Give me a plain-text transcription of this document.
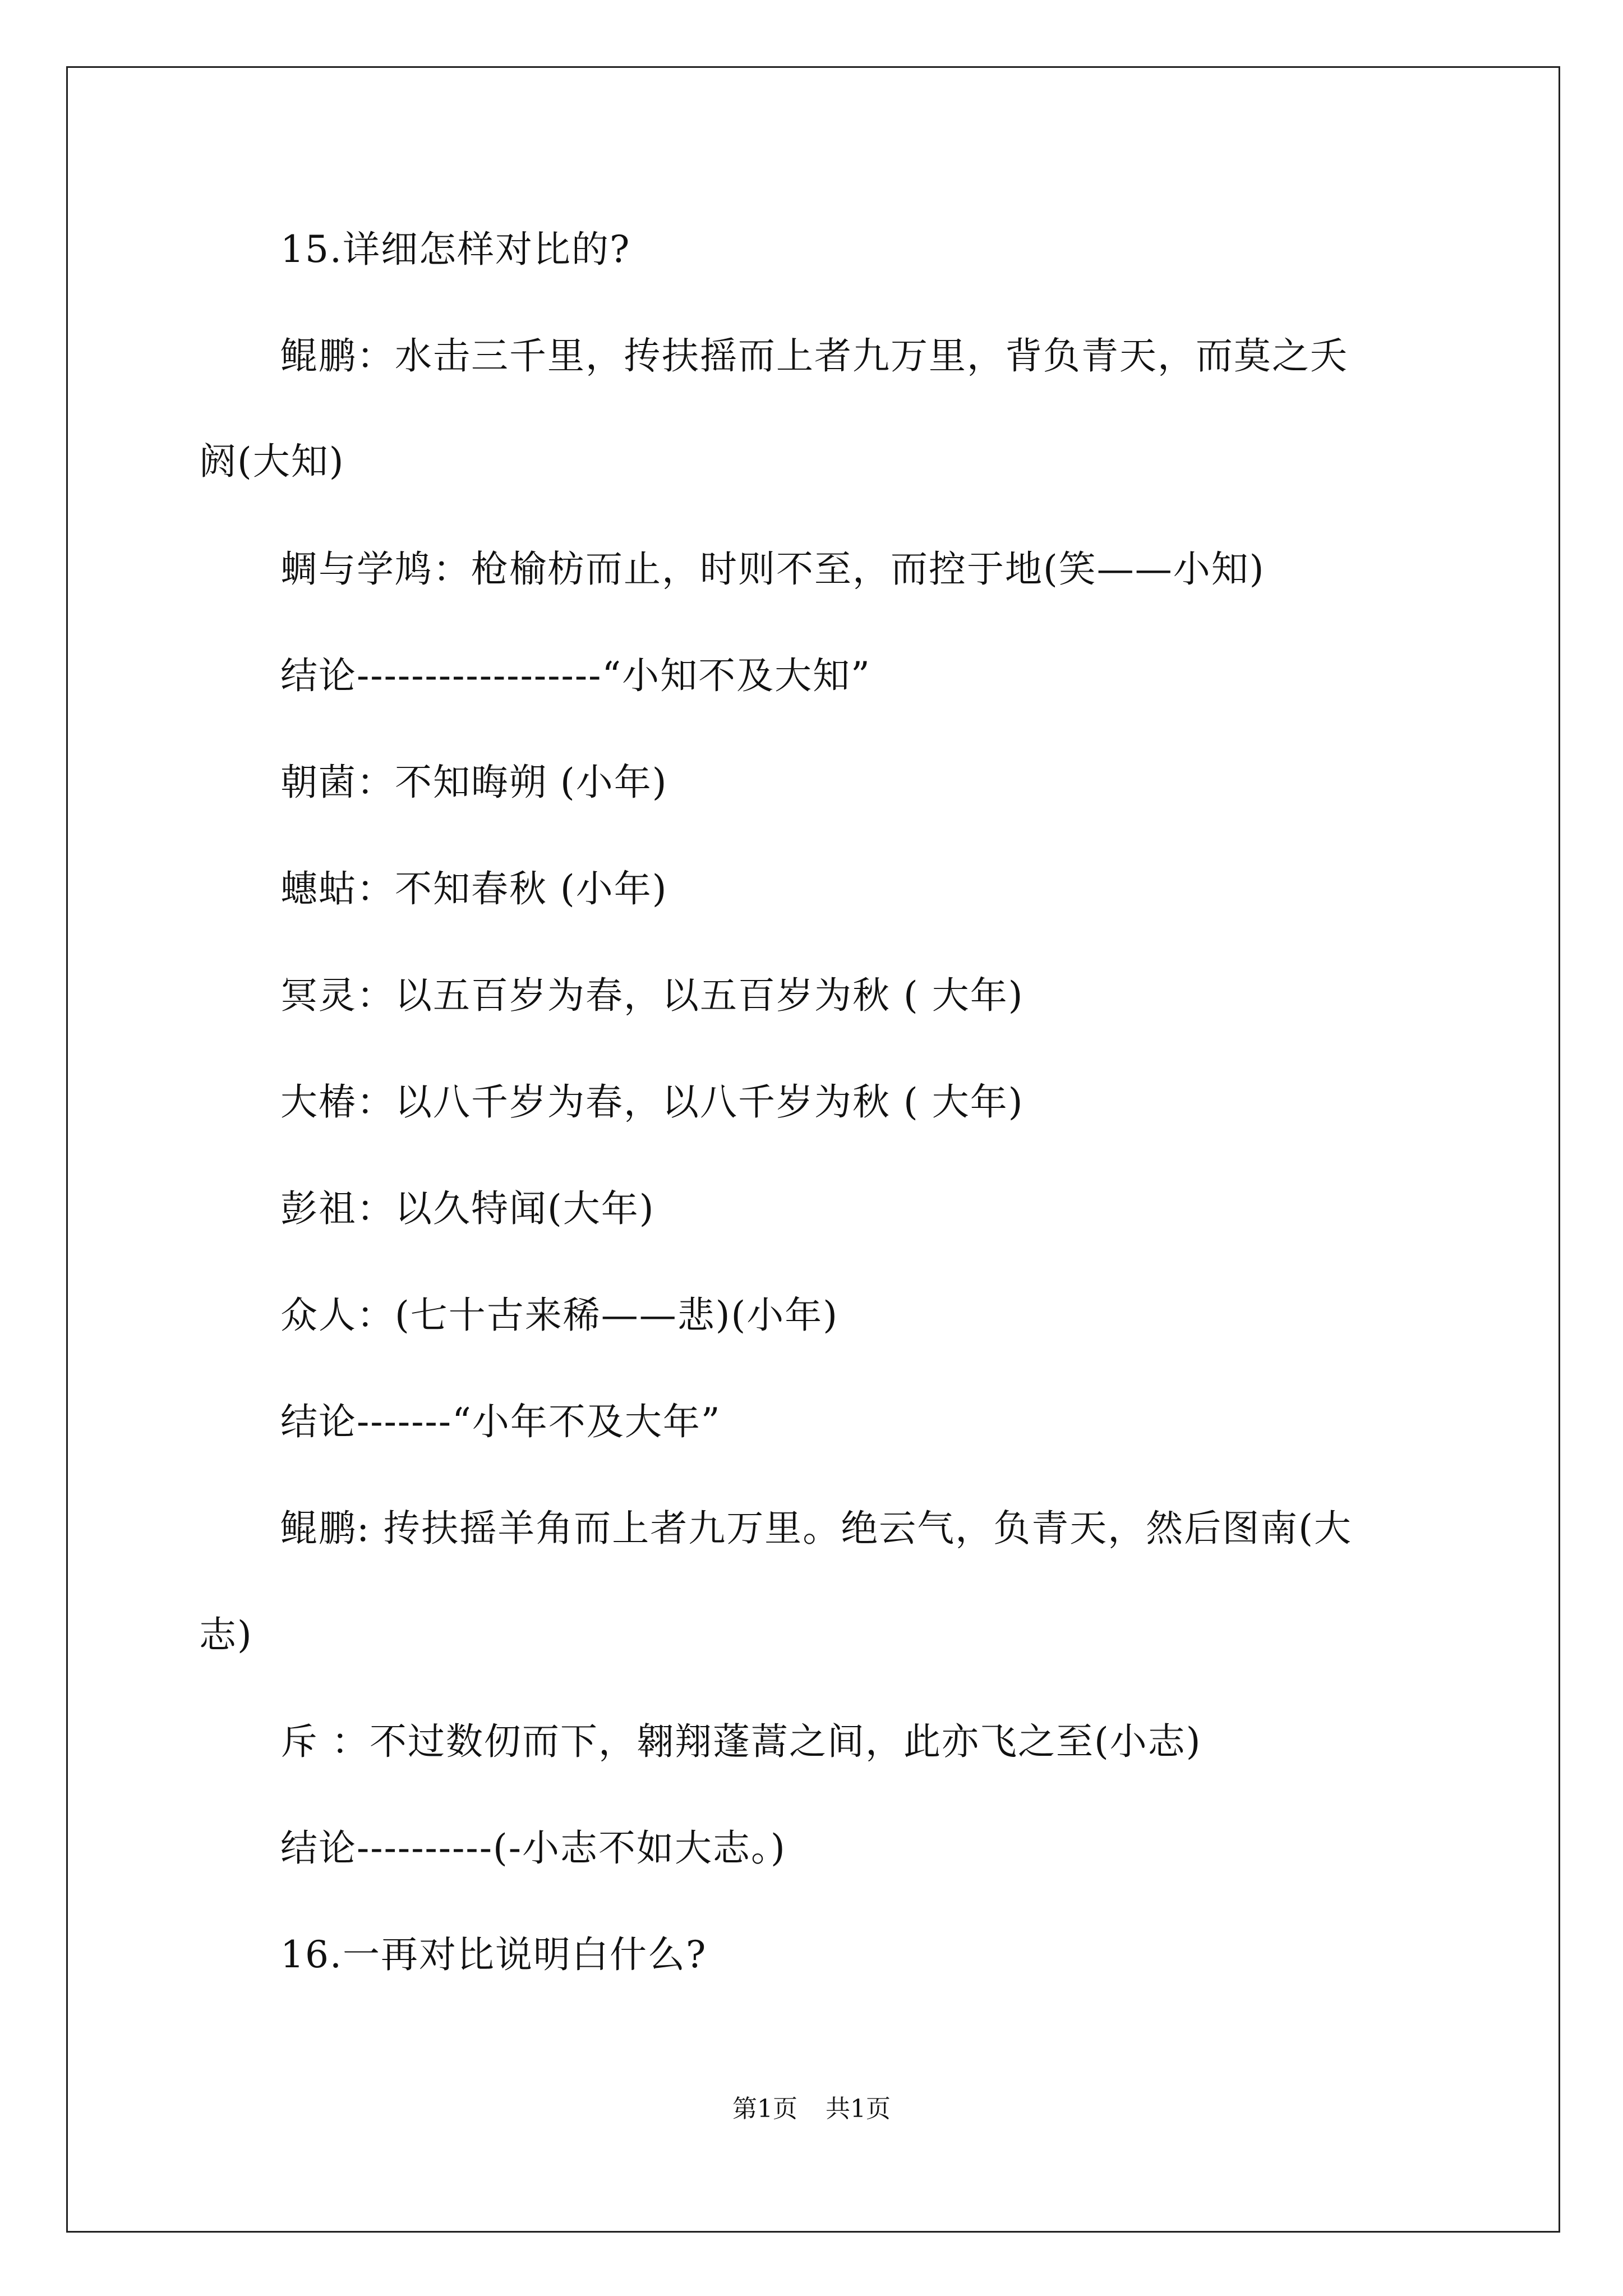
15.详细怎样对比的?
鲲鹏：水击三千里，抟扶摇而上者九万里，背负青天，而莫之夭
阏(大知)
蜩与学鸠：枪榆枋而止，时则不至，而控于地(笑——小知)
结论------------------“小知不及大知”
朝菌：不知晦朔 (小年)
蟪蛄：不知春秋 (小年)
冥灵：以五百岁为春，以五百岁为秋 ( 大年)
大椿：以八千岁为春，以八千岁为秋 ( 大年)
彭祖：以久特闻(大年)
众人：(七十古来稀——悲)(小年)
结论-------“小年不及大年”
鲲鹏: 抟扶摇羊角而上者九万里。绝云气，负青天，然后图南(大
志)
斥 ：不过数仞而下，翱翔蓬蒿之间，此亦飞之至(小志)
结论----------(-小志不如大志。)
16.一再对比说明白什么?
第1页 共1页
